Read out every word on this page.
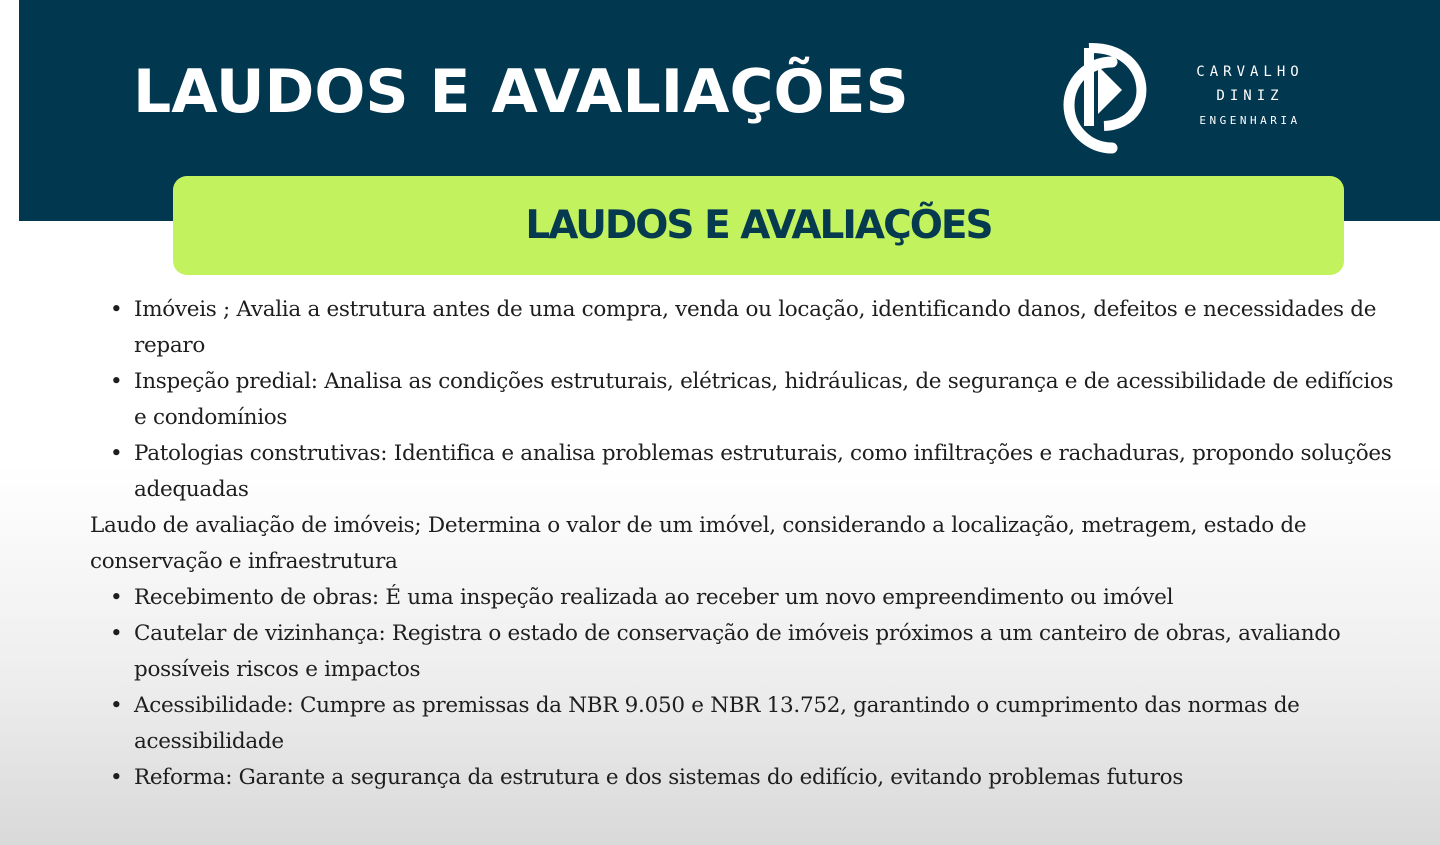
LAUDOS E AVALIAÇÕES	CARVALHO
DINIZ
ENGENHARIA
LAUDOS E AVALIAÇÕES
• Imóveis ; Avalia a estrutura antes de uma compra, venda ou locação, identificando danos, defeitos e necessidades de reparo
• Inspeção predial: Analisa as condições estruturais, elétricas, hidráulicas, de segurança e de acessibilidade de edifícios e condomínios
• Patologias construtivas: Identifica e analisa problemas estruturais, como infiltrações e rachaduras, propondo soluções adequadas
Laudo de avaliação de imóveis; Determina o valor de um imóvel, considerando a localização, metragem, estado de conservação e infraestrutura
• Recebimento de obras: É uma inspeção realizada ao receber um novo empreendimento ou imóvel
• Cautelar de vizinhança: Registra o estado de conservação de imóveis próximos a um canteiro de obras, avaliando possíveis riscos e impactos
• Acessibilidade: Cumpre as premissas da NBR 9.050 e NBR 13.752, garantindo o cumprimento das normas de acessibilidade
• Reforma: Garante a segurança da estrutura e dos sistemas do edifício, evitando problemas futuros
